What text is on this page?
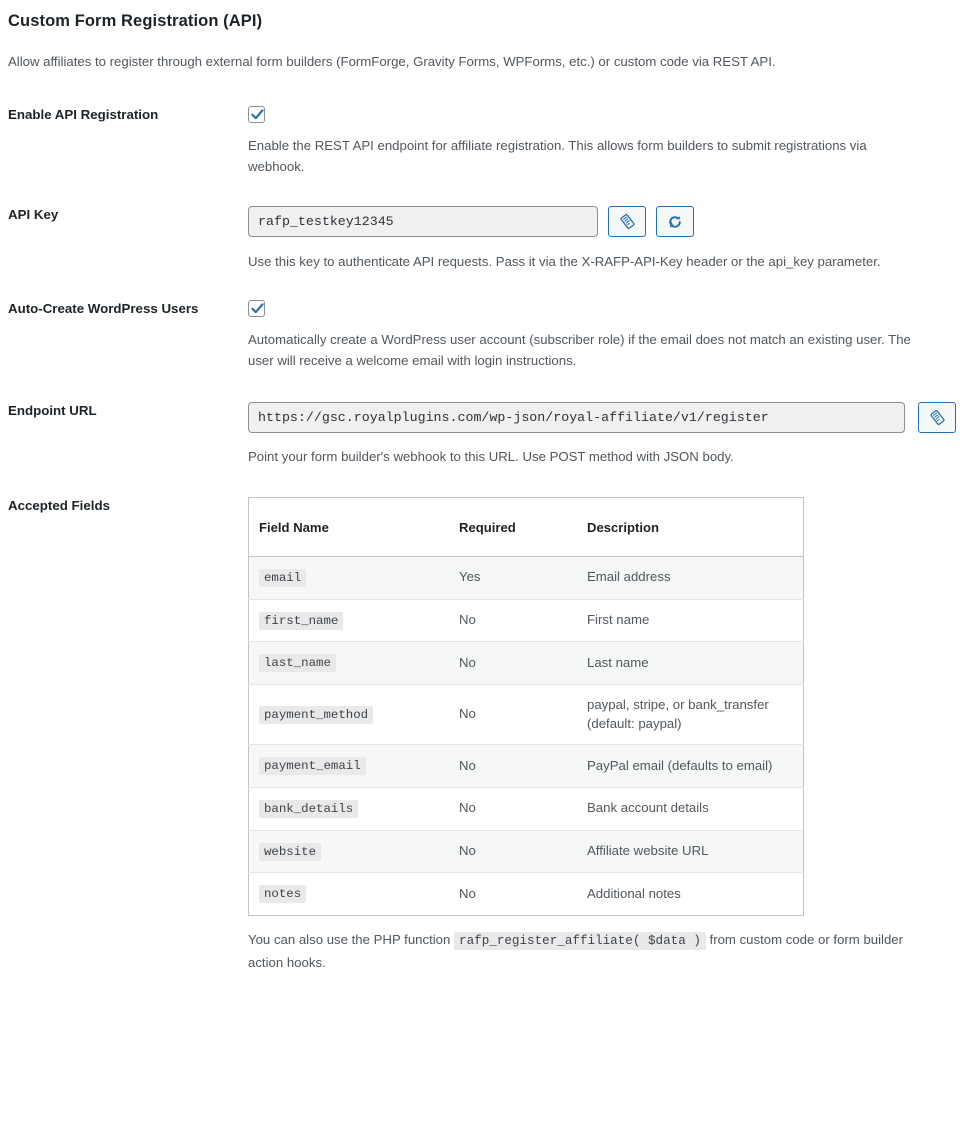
Custom Form Registration (API)
Allow affiliates to register through external form builders (FormForge, Gravity Forms, WPForms, etc.) or custom code via REST API.
Enable API Registration
Enable the REST API endpoint for affiliate registration. This allows form builders to submit registrations via webhook.
API Key	rafp_testkey12345
Use this key to authenticate API requests. Pass it via the X-RAFP-API-Key header or the api_key parameter.
Auto-Create WordPress Users
Automatically create a WordPress user account (subscriber role) if the email does not match an existing user. The user will receive a welcome email with login instructions.
Endpoint URL	https://gsc.royalplugins.com/wp-json/royal-affiliate/v1/register
Point your form builder's webhook to this URL. Use POST method with JSON body.
Accepted Fields
Field Name	Required	Description
email	Yes	Email address
first_name	No	First name
last_name	No	Last name
payment_method	No	paypal, stripe, or bank_transfer (default: paypal)
payment_email	No	PayPal email (defaults to email)
bank_details	No	Bank account details
website	No	Affiliate website URL
notes	No	Additional notes
You can also use the PHP function rafp_register_affiliate( $data ) from custom code or form builder action hooks.
